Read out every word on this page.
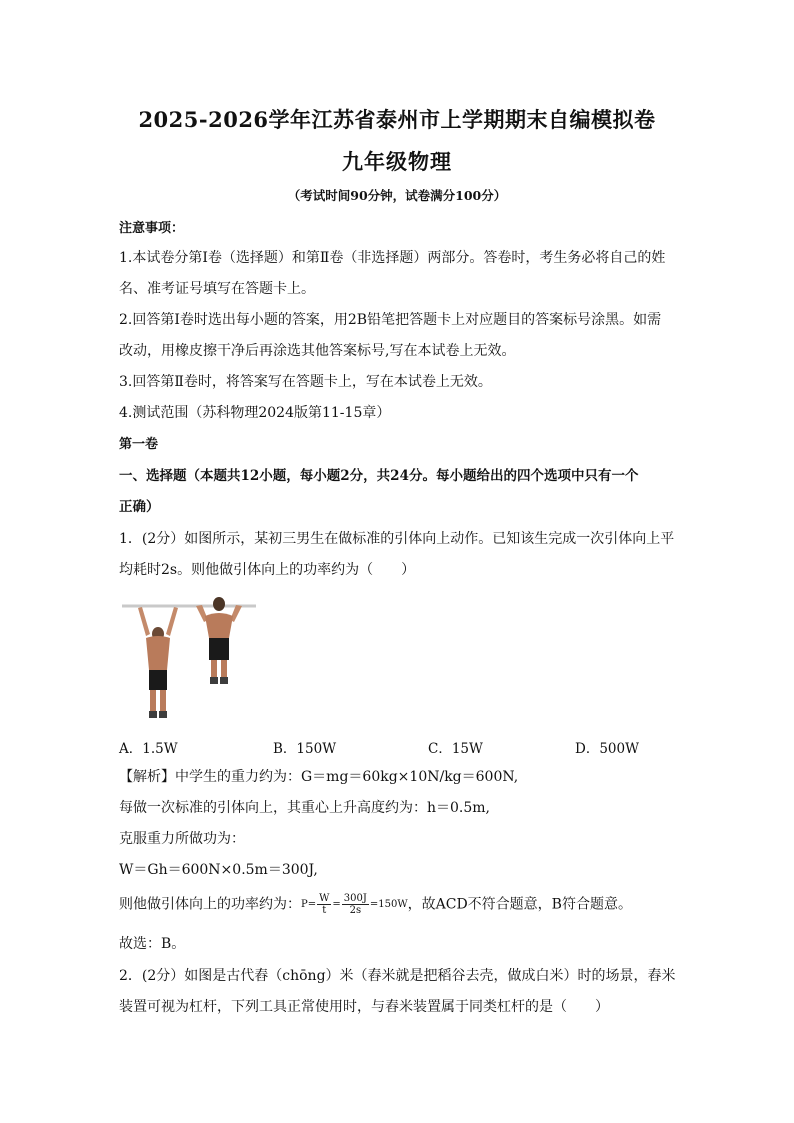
2025-2026学年江苏省泰州市上学期期末自编模拟卷
九年级物理
（考试时间90分钟，试卷满分100分）
注意事项：
1.本试卷分第Ⅰ卷（选择题）和第Ⅱ卷（非选择题）两部分。答卷时，考生务必将自己的姓
名、准考证号填写在答题卡上。
2.回答第Ⅰ卷时选出每小题的答案，用2B铅笔把答题卡上对应题目的答案标号涂黑。如需
改动，用橡皮擦干净后再涂选其他答案标号,写在本试卷上无效。
3.回答第Ⅱ卷时，将答案写在答题卡上，写在本试卷上无效。
4.测试范围（苏科物理2024版第11-15章）
第一卷
一、选择题（本题共12小题，每小题2分，共24分。每小题给出的四个选项中只有一个
正确）
1．(2分）如图所示，某初三男生在做标准的引体向上动作。已知该生完成一次引体向上平
均耗时2s。则他做引体向上的功率约为（　　）
A．1.5W	B．150W	C．15W	D．500W
【解析】中学生的重力约为：G＝mg＝60kg×10N/kg＝600N,
每做一次标准的引体向上，其重心上升高度约为：h＝0.5m,
克服重力所做功为：
W＝Gh＝600N×0.5m＝300J,
则他做引体向上的功率约为： $P= \frac{W}{t} = \frac{300J}{2s} =150W$ ，故ACD不符合题意，B符合题意。
故选：B。
2．(2分）如图是古代舂（chōng）米（舂米就是把稻谷去壳，做成白米）时的场景，舂米
装置可视为杠杆，下列工具正常使用时，与舂米装置属于同类杠杆的是（　　）
